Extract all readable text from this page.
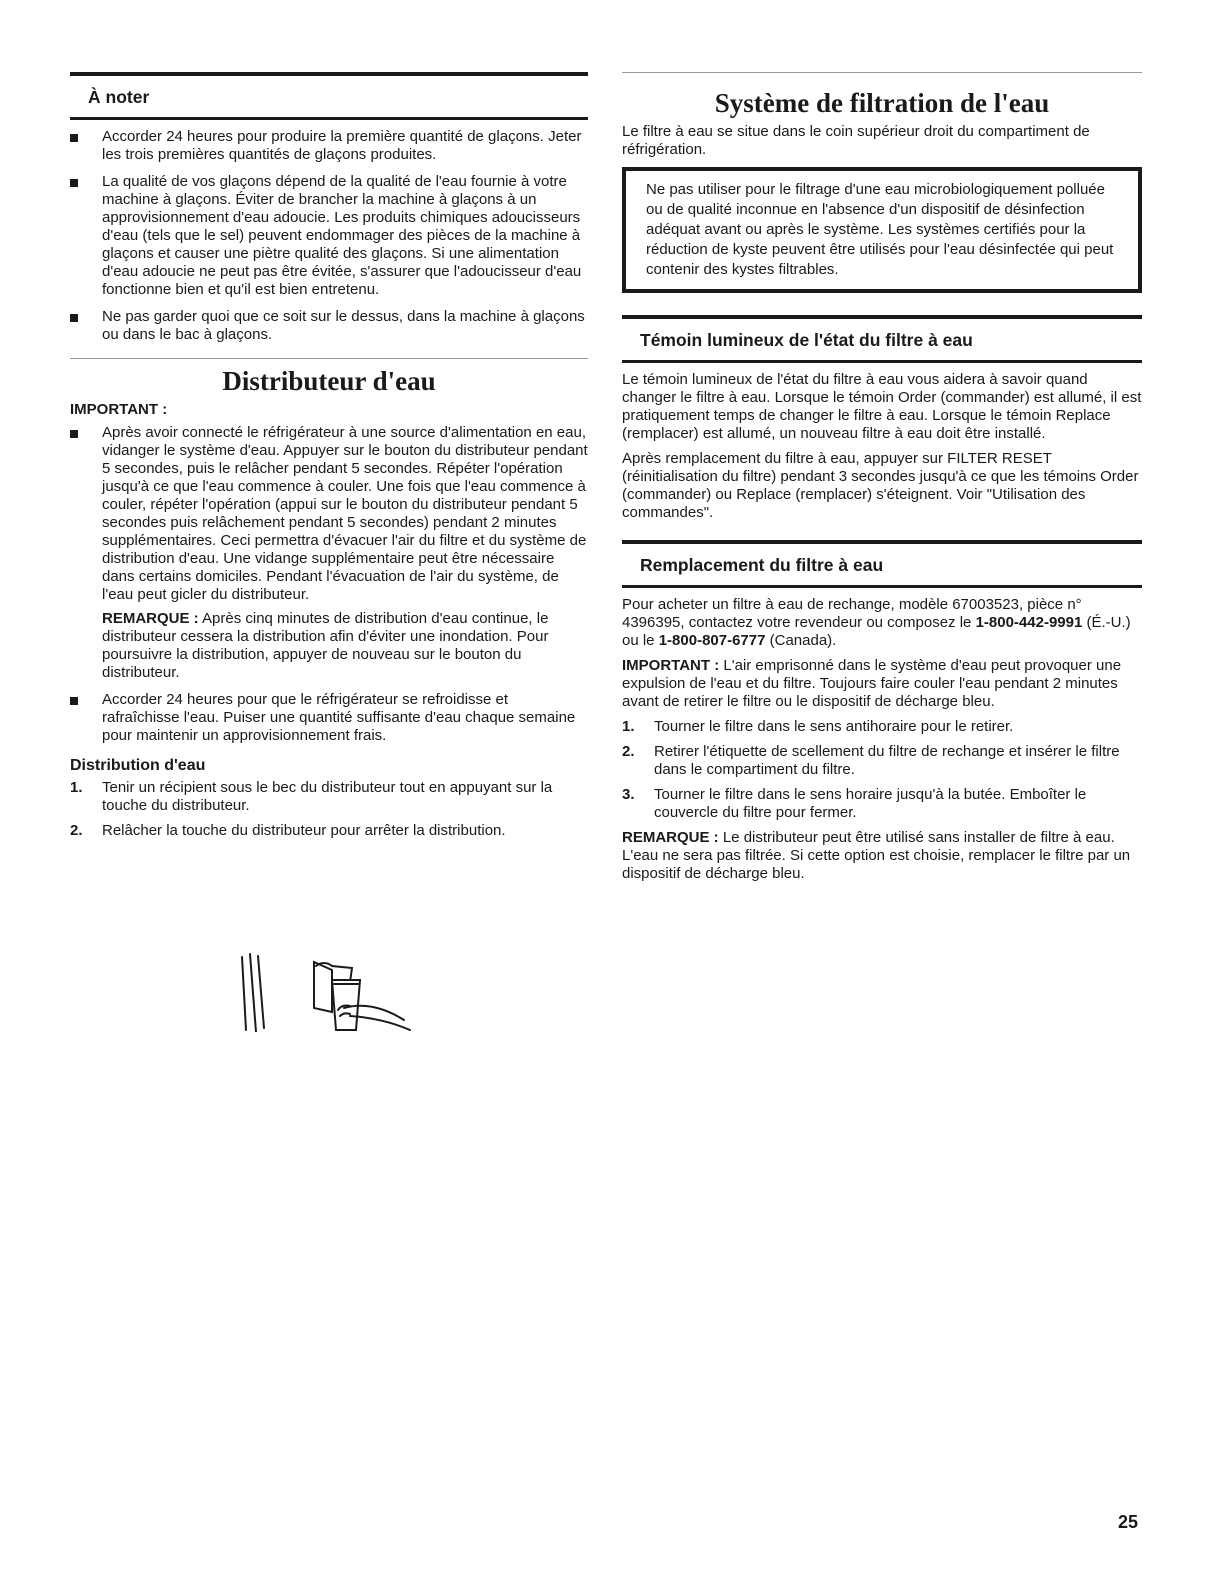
À noter
Accorder 24 heures pour produire la première quantité de glaçons. Jeter les trois premières quantités de glaçons produites.
La qualité de vos glaçons dépend de la qualité de l'eau fournie à votre machine à glaçons. Éviter de brancher la machine à glaçons à un approvisionnement d'eau adoucie. Les produits chimiques adoucisseurs d'eau (tels que le sel) peuvent endommager des pièces de la machine à glaçons et causer une piètre qualité des glaçons. Si une alimentation d'eau adoucie ne peut pas être évitée, s'assurer que l'adoucisseur d'eau fonctionne bien et qu'il est bien entretenu.
Ne pas garder quoi que ce soit sur le dessus, dans la machine à glaçons ou dans le bac à glaçons.
Distributeur d'eau
IMPORTANT :
Après avoir connecté le réfrigérateur à une source d'alimentation en eau, vidanger le système d'eau. Appuyer sur le bouton du distributeur pendant 5 secondes, puis le relâcher pendant 5 secondes. Répéter l'opération jusqu'à ce que l'eau commence à couler. Une fois que l'eau commence à couler, répéter l'opération (appui sur le bouton du distributeur pendant 5 secondes puis relâchement pendant 5 secondes) pendant 2 minutes supplémentaires. Ceci permettra d'évacuer l'air du filtre et du système de distribution d'eau. Une vidange supplémentaire peut être nécessaire dans certains domiciles. Pendant l'évacuation de l'air du système, de l'eau peut gicler du distributeur.

REMARQUE : Après cinq minutes de distribution d'eau continue, le distributeur cessera la distribution afin d'éviter une inondation. Pour poursuivre la distribution, appuyer de nouveau sur le bouton du distributeur.

Accorder 24 heures pour que le réfrigérateur se refroidisse et rafraîchisse l'eau. Puiser une quantité suffisante d'eau chaque semaine pour maintenir un approvisionnement frais.
Distribution d'eau
1. Tenir un récipient sous le bec du distributeur tout en appuyant sur la touche du distributeur.
2. Relâcher la touche du distributeur pour arrêter la distribution.
Système de filtration de l'eau

Le filtre à eau se situe dans le coin supérieur droit du compartiment de réfrigération.

Ne pas utiliser pour le filtrage d'une eau microbiologiquement polluée ou de qualité inconnue en l'absence d'un dispositif de désinfection adéquat avant ou après le système. Les systèmes certifiés pour la réduction de kyste peuvent être utilisés pour l'eau désinfectée qui peut contenir des kystes filtrables.
Témoin lumineux de l'état du filtre à eau

Le témoin lumineux de l'état du filtre à eau vous aidera à savoir quand changer le filtre à eau. Lorsque le témoin Order (commander) est allumé, il est pratiquement temps de changer le filtre à eau. Lorsque le témoin Replace (remplacer) est allumé, un nouveau filtre à eau doit être installé.

Après remplacement du filtre à eau, appuyer sur FILTER RESET (réinitialisation du filtre) pendant 3 secondes jusqu'à ce que les témoins Order (commander) ou Replace (remplacer) s'éteignent. Voir "Utilisation des commandes".

Remplacement du filtre à eau

Pour acheter un filtre à eau de rechange, modèle 67003523, pièce n° 4396395, contactez votre revendeur ou composez le 1-800-442-9991 (É.-U.) ou le 1-800-807-6777 (Canada).

IMPORTANT : L'air emprisonné dans le système d'eau peut provoquer une expulsion de l'eau et du filtre. Toujours faire couler l'eau pendant 2 minutes avant de retirer le filtre ou le dispositif de décharge bleu.

1. Tourner le filtre dans le sens antihoraire pour le retirer.
2. Retirer l'étiquette de scellement du filtre de rechange et insérer le filtre dans le compartiment du filtre.
3. Tourner le filtre dans le sens horaire jusqu'à la butée. Emboîter le couvercle du filtre pour fermer.

REMARQUE : Le distributeur peut être utilisé sans installer de filtre à eau. L'eau ne sera pas filtrée. Si cette option est choisie, remplacer le filtre par un dispositif de décharge bleu.

25
